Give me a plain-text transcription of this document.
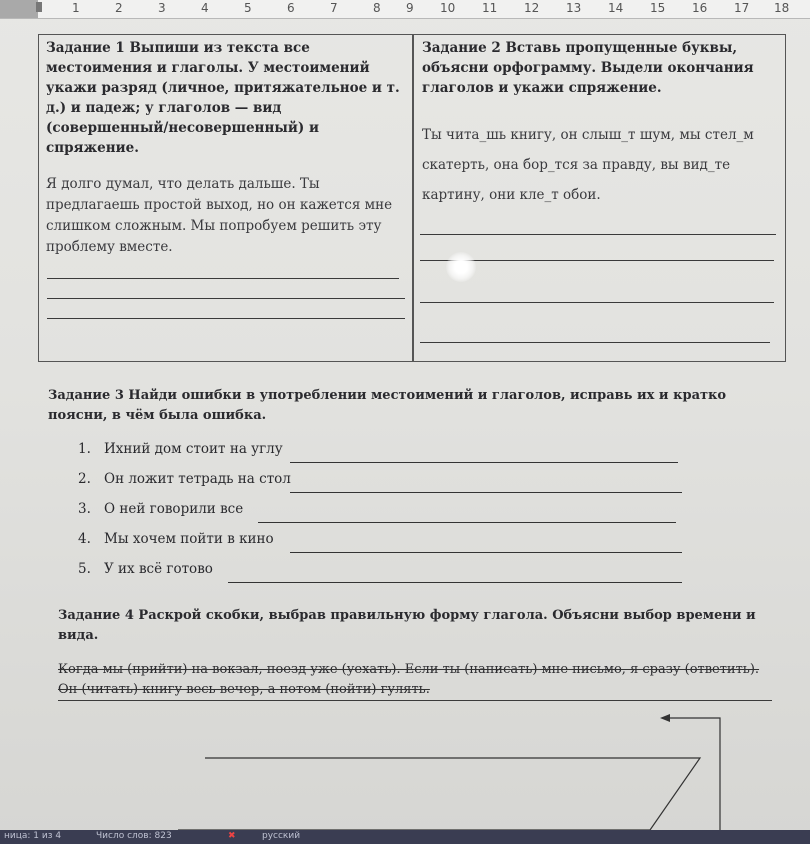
1	2	3	4	5	6	7	8 9 10 11 12 13 14 15 16 17 18

Задание 1 Выпиши из текста все местоимения и глаголы. У местоимений укажи разряд (личное, притяжательное и т. д.) и падеж; у глаголов — вид (совершенный/несовершенный) и спряжение.

Я долго думал, что делать дальше. Ты предлагаешь простой выход, но он кажется мне слишком сложным. Мы попробуем решить эту проблему вместе.

Задание 2 Вставь пропущенные буквы, объясни орфограмму. Выдели окончания глаголов и укажи спряжение.

Ты чита_шь книгу, он слыш_т шум, мы стел_м скатерть, она бор_тся за правду, вы вид_те картину, они кле_т обои.

Задание 3 Найди ошибки в употреблении местоимений и глаголов, исправь их и кратко поясни, в чём была ошибка.
1. Ихний дом стоит на углу
2. Он ложит тетрадь на стол
3. О ней говорили все
4. Мы хочем пойти в кино
5. У их всё готово
Задание 4 Раскрой скобки, выбрав правильную форму глагола. Объясни выбор времени и вида.
Когда мы (прийти) на вокзал, поезд уже (уехать). Если ты (написать) мне письмо, я сразу (ответить). Он (читать) книгу весь вечер, а потом (пойти) гулять.
ница: 1 из 4	Число слов: 823	✖	русский
